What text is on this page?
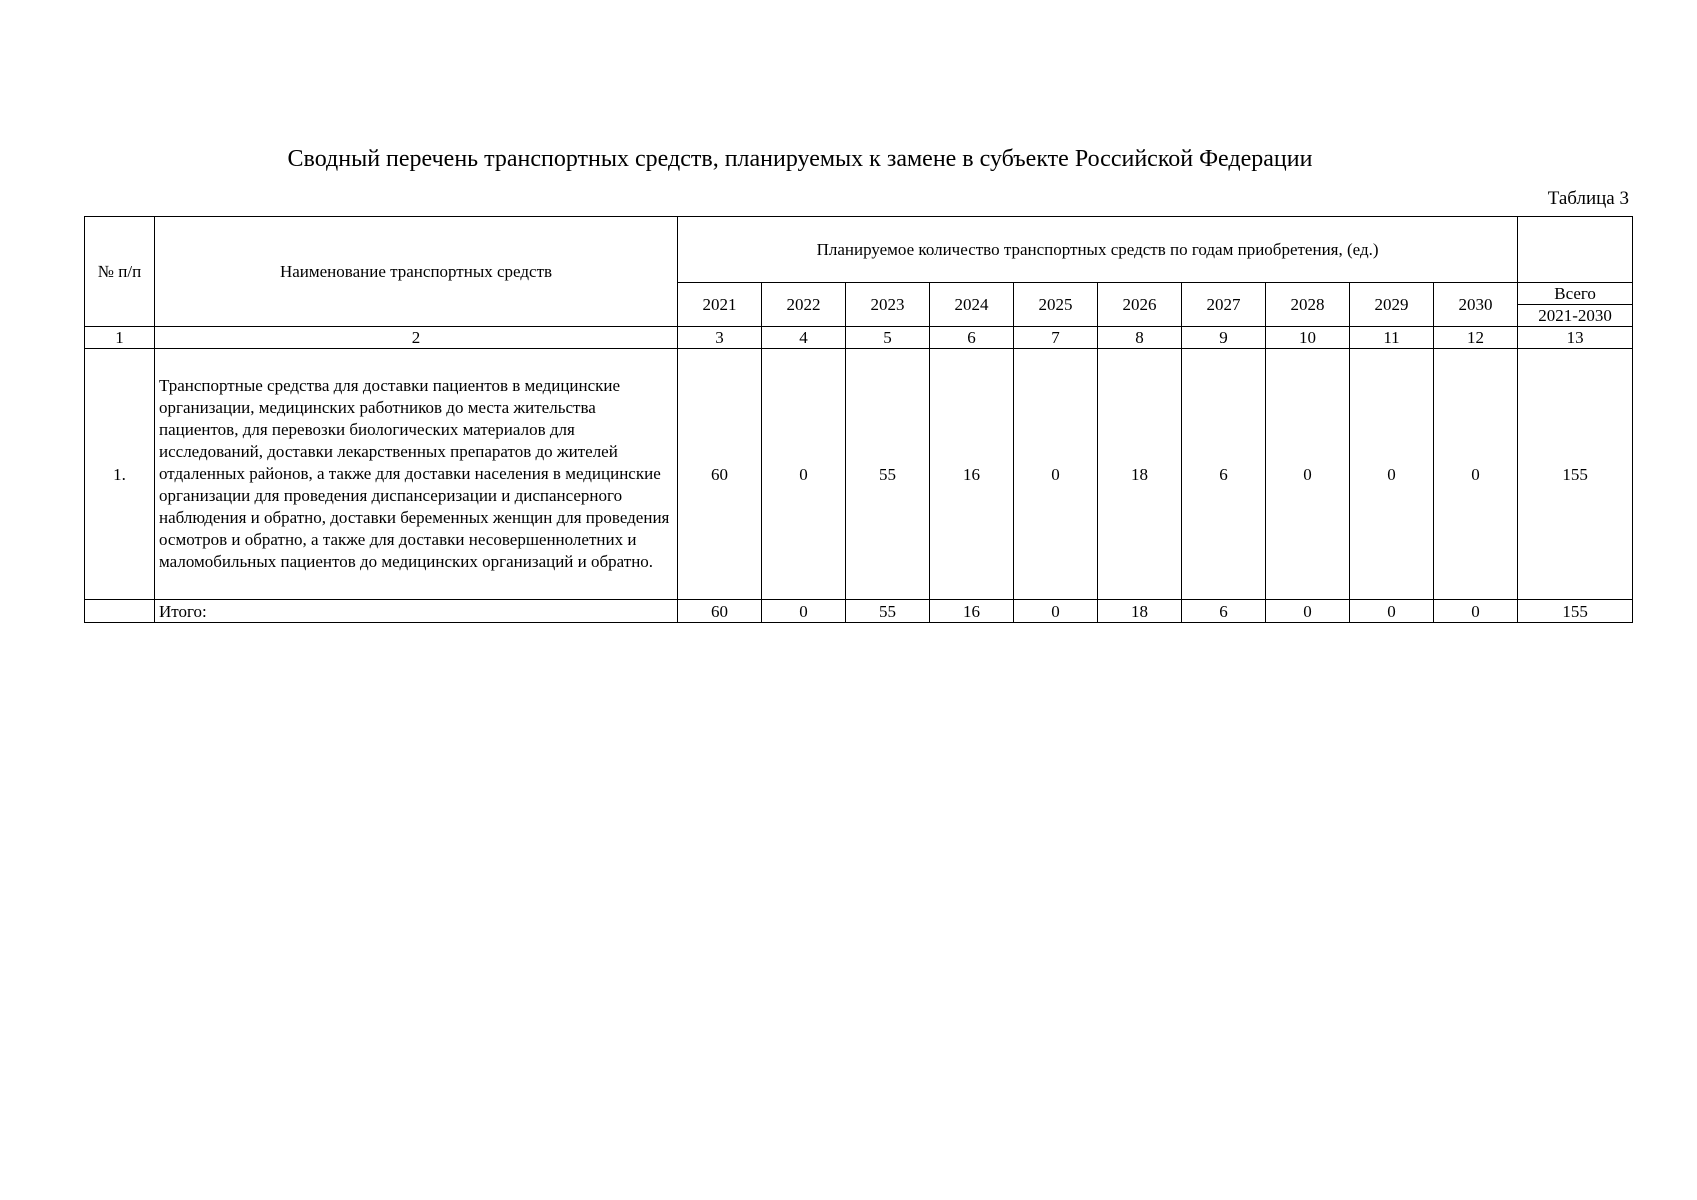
Сводный перечень транспортных средств, планируемых к замене в субъекте Российской Федерации
Таблица 3
№ п/п	Наименование транспортных средств	Планируемое количество транспортных средств по годам приобретения, (ед.)										
		2021	2022	2023	2024	2025	2026	2027	2028	2029	2030	Всего
												2021-2030
1	2	3	4	5	6	7	8	9	10	11	12	13
1.	Транспортные средства для доставки пациентов в медицинские организации, медицинских работников до места жительства пациентов, для перевозки биологических материалов для исследований, доставки лекарственных препаратов до жителей отдаленных районов, а также для доставки населения в медицинские организации для проведения диспансеризации и диспансерного наблюдения и обратно, доставки беременных женщин для проведения осмотров и обратно, а также для доставки несовершеннолетних и маломобильных пациентов до медицинских организаций и обратно.	60	0	55	16	0	18	6	0	0	0	155
	Итого:	60	0	55	16	0	18	6	0	0	0	155
